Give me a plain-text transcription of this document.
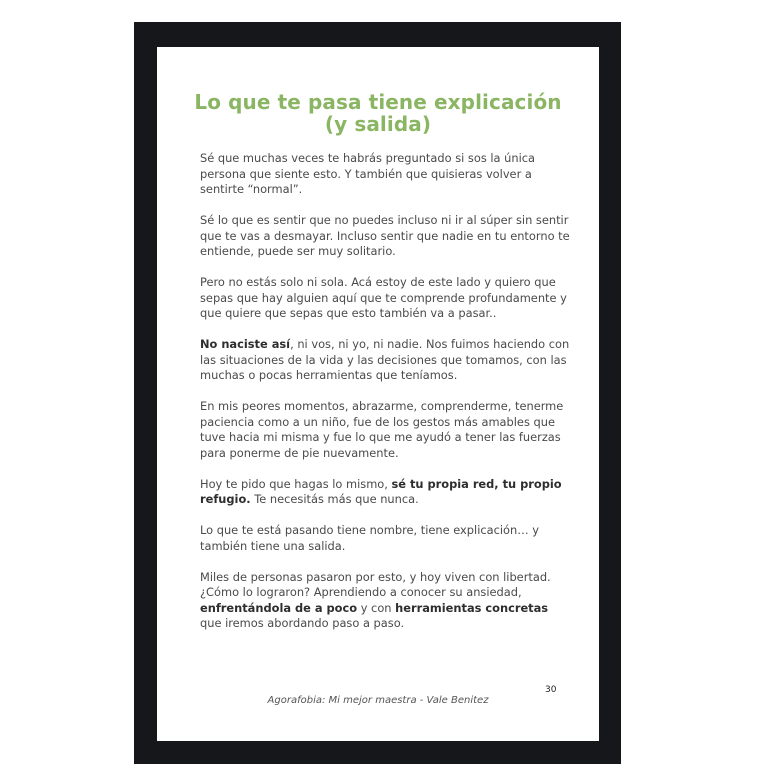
Lo que te pasa tiene explicación
(y salida)

Sé que muchas veces te habrás preguntado si sos la única persona que siente esto. Y también que quisieras volver a sentirte “normal”.

Sé lo que es sentir que no puedes incluso ni ir al súper sin sentir que te vas a desmayar. Incluso sentir que nadie en tu entorno te entiende, puede ser muy solitario.

Pero no estás solo ni sola. Acá estoy de este lado y quiero que sepas que hay alguien aquí que te comprende profundamente y que quiere que sepas que esto también va a pasar..

No naciste así, ni vos, ni yo, ni nadie. Nos fuimos haciendo con las situaciones de la vida y las decisiones que tomamos, con las muchas o pocas herramientas que teníamos.

En mis peores momentos, abrazarme, comprenderme, tenerme paciencia como a un niño, fue de los gestos más amables que tuve hacia mi misma y fue lo que me ayudó a tener las fuerzas para ponerme de pie nuevamente.

Hoy te pido que hagas lo mismo, sé tu propia red, tu propio refugio. Te necesitás más que nunca.

Lo que te está pasando tiene nombre, tiene explicación… y también tiene una salida.

Miles de personas pasaron por esto, y hoy viven con libertad. ¿Cómo lo lograron? Aprendiendo a conocer su ansiedad, enfrentándola de a poco y con herramientas concretas que iremos abordando paso a paso.

30
Agorafobia: Mi mejor maestra - Vale Benitez
